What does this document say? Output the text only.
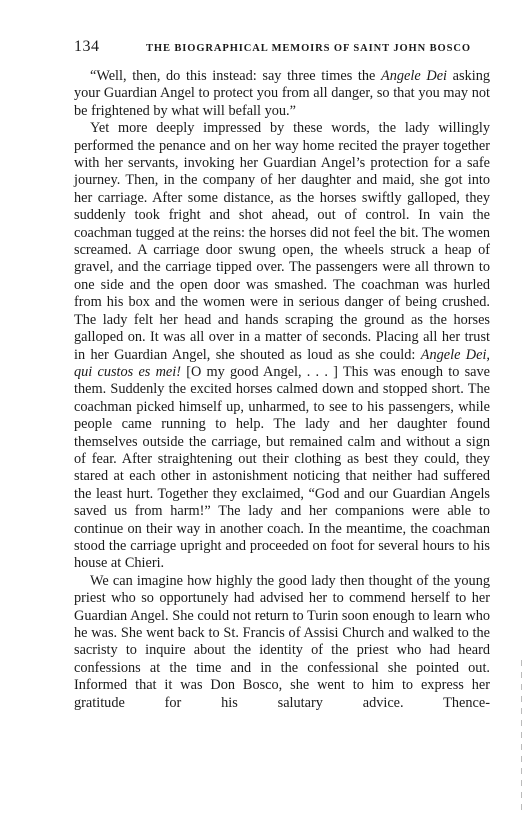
134	THE BIOGRAPHICAL MEMOIRS OF SAINT JOHN BOSCO

“Well, then, do this instead: say three times the Angele Dei asking your Guardian Angel to protect you from all danger, so that you may not be frightened by what will befall you.”

Yet more deeply impressed by these words, the lady willingly performed the penance and on her way home recited the prayer together with her servants, invoking her Guardian Angel’s protection for a safe journey. Then, in the company of her daughter and maid, she got into her carriage. After some distance, as the horses swiftly galloped, they suddenly took fright and shot ahead, out of control. In vain the coachman tugged at the reins: the horses did not feel the bit. The women screamed. A carriage door swung open, the wheels struck a heap of gravel, and the carriage tipped over. The passengers were all thrown to one side and the open door was smashed. The coachman was hurled from his box and the women were in serious danger of being crushed. The lady felt her head and hands scraping the ground as the horses galloped on. It was all over in a matter of seconds. Placing all her trust in her Guardian Angel, she shouted as loud as she could: Angele Dei, qui custos es mei! [O my good Angel, . . . ] This was enough to save them. Suddenly the excited horses calmed down and stopped short. The coachman picked himself up, unharmed, to see to his passengers, while people came running to help. The lady and her daughter found themselves outside the carriage, but remained calm and without a sign of fear. After straightening out their clothing as best they could, they stared at each other in astonishment noticing that neither had suffered the least hurt. Together they exclaimed, “God and our Guardian Angels saved us from harm!” The lady and her companions were able to continue on their way in another coach. In the meantime, the coachman stood the carriage upright and proceeded on foot for several hours to his house at Chieri.

We can imagine how highly the good lady then thought of the young priest who so opportunely had advised her to commend herself to her Guardian Angel. She could not return to Turin soon enough to learn who he was. She went back to St. Francis of Assisi Church and walked to the sacristy to inquire about the identity of the priest who had heard confessions at the time and in the confessional she pointed out. Informed that it was Don Bosco, she went to him to express her gratitude for his salutary advice. Thence-
